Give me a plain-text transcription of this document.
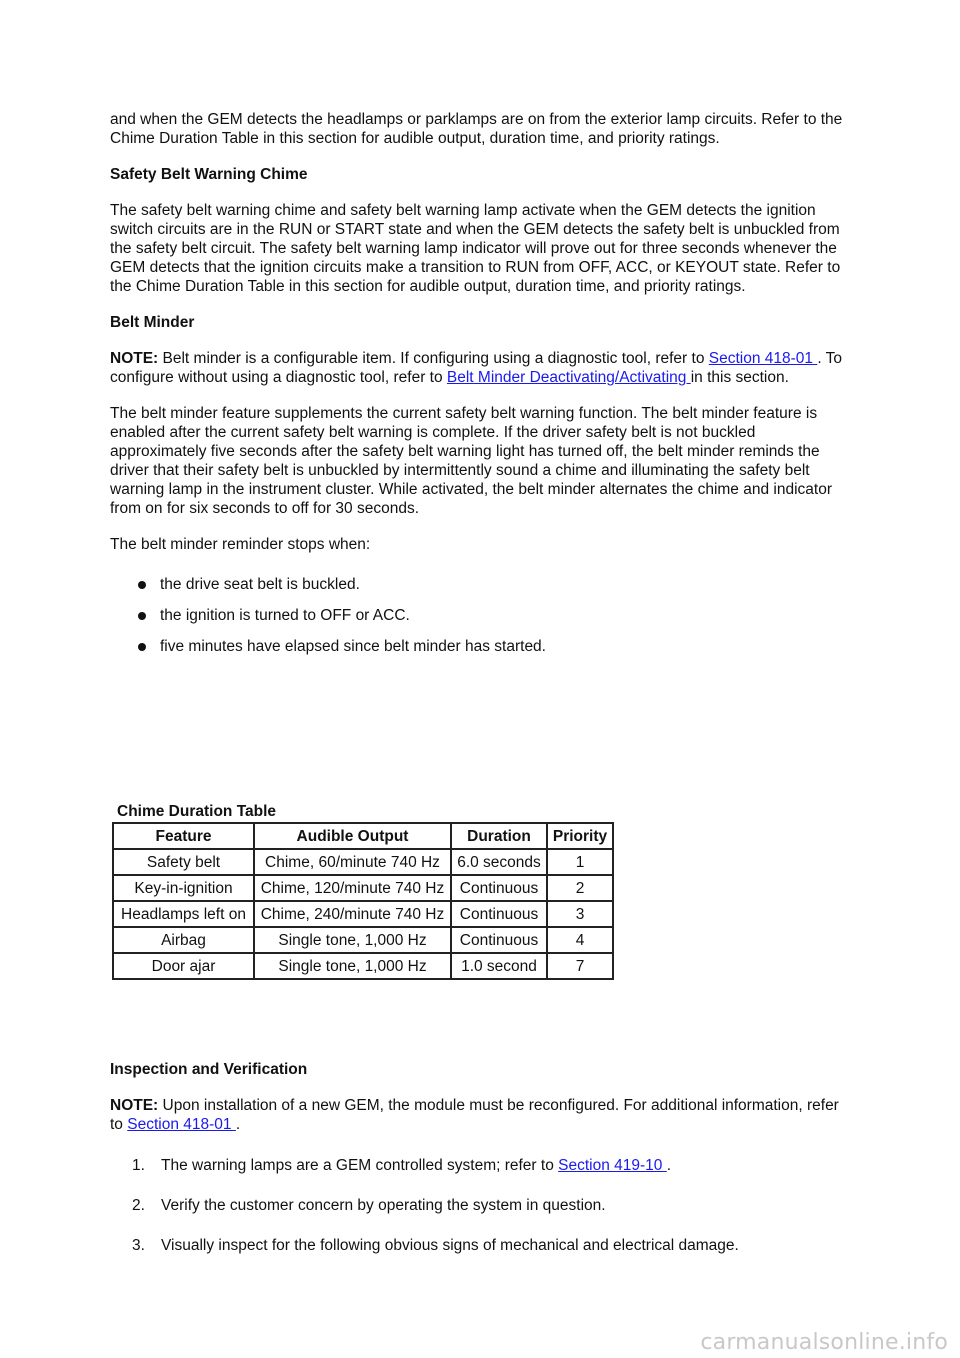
and when the GEM detects the headlamps or parklamps are on from the exterior lamp circuits. Refer to the Chime Duration Table in this section for audible output, duration time, and priority ratings.

Safety Belt Warning Chime

The safety belt warning chime and safety belt warning lamp activate when the GEM detects the ignition switch circuits are in the RUN or START state and when the GEM detects the safety belt is unbuckled from the safety belt circuit. The safety belt warning lamp indicator will prove out for three seconds whenever the GEM detects that the ignition circuits make a transition to RUN from OFF, ACC, or KEYOUT state. Refer to the Chime Duration Table in this section for audible output, duration time, and priority ratings.

Belt Minder

NOTE: Belt minder is a configurable item. If configuring using a diagnostic tool, refer to Section 418-01 . To configure without using a diagnostic tool, refer to Belt Minder Deactivating/Activating in this section.

The belt minder feature supplements the current safety belt warning function. The belt minder feature is enabled after the current safety belt warning is complete. If the driver safety belt is not buckled approximately five seconds after the safety belt warning light has turned off, the belt minder reminds the driver that their safety belt is unbuckled by intermittently sound a chime and illuminating the safety belt warning lamp in the instrument cluster. While activated, the belt minder alternates the chime and indicator from on for six seconds to off for 30 seconds.

The belt minder reminder stops when:

the drive seat belt is buckled.
the ignition is turned to OFF or ACC.
five minutes have elapsed since belt minder has started.
Chime Duration Table
Feature	Audible Output	Duration	Priority
Safety belt	Chime, 60/minute 740 Hz	6.0 seconds	1
Key-in-ignition	Chime, 120/minute 740 Hz	Continuous	2
Headlamps left on	Chime, 240/minute 740 Hz	Continuous	3
Airbag	Single tone, 1,000 Hz	Continuous	4
Door ajar	Single tone, 1,000 Hz	1.0 second	7

Inspection and Verification

NOTE: Upon installation of a new GEM, the module must be reconfigured. For additional information, refer to Section 418-01 .

1.	The warning lamps are a GEM controlled system; refer to Section 419-10 .
2.	Verify the customer concern by operating the system in question.
3.	Visually inspect for the following obvious signs of mechanical and electrical damage.
carmanualsonline.info
